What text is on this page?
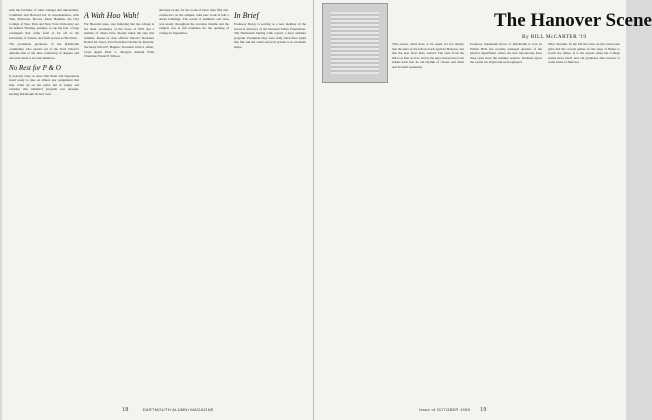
with the faculties of other colleges and universities. Columbia and Harvard led in representation, with Yale, Princeton, Brown, Johns Hopkins, the City College of New York and New York University not far behind. Hosting, perhaps, to cap the feat, a large contingent that came from as far off as the University of Toledo, and from as near as Bowdoin.

The prominent graduates of the Dartmouth community who passed out of the Tuck School's diploma line at the June conferring of degrees and who had made it an even hundred...

No Rest for P & O

It scarcely rates as news that Plant and Operations stand ready to take on almost any assignment that may come up on the plant, but in wages and varieties this summer's program was unusual, lending Dartmouth its new look.

A Wah Hoo Wah!

For Heaven's sake, stop hollering that the college is not dead. Graduates of the Class of 1955 and a number of others have already taken the step this summer. Roster of class officers follows: President Robert M. Jones; Vice President Charles W. Roberts; Secretary David F. Hughes; Treasurer John S. Allen; Class Agent Peter L. Morgan; Alumni Fund Chairman Frank H. Wilson.

alternate rooms for the work of more than fifty sub-contractors on the campus, with new work in half a dozen buildings. The sound of hammers and saws was steady throughout the vacation months and the campus was in full readiness for the opening of college in September.

In Brief

Professor Dacey is serving as a new member of the board of directors of the National Safety Foundation. The Dartmouth Outing Club reports a busy summer program. Freshman trips were fully subscribed again this fall and the cabin and trail system is in excellent shape.

18	DARTMOUTH ALUMNI MAGAZINE
The Hanover Scene
By BILL McCARTER '19

This season, when here, is far spent, it's not merely that the stars of the fall are back again in Hanover, but that the new faces have arrived. The view from the hill is as fine as ever, and as the days shorten the town settles back into its old rhythm of classes and clubs and football weekends.

Professor Zephaniah Rows of Dartmouth is now in Wilder Hall, the recently enlarged quarters of the physics department, where the new laboratories have been open since the summer session. Students report the rooms are bright and well equipped.

bitter chestnut. In the fall the trees on the Green turn gold and the crowds gather on the steps of Baker to watch the rallies. It is the season when the College seems most itself, and old graduates find reasons to come home to Hanover.

Issue of OCTOBER 1955 19
